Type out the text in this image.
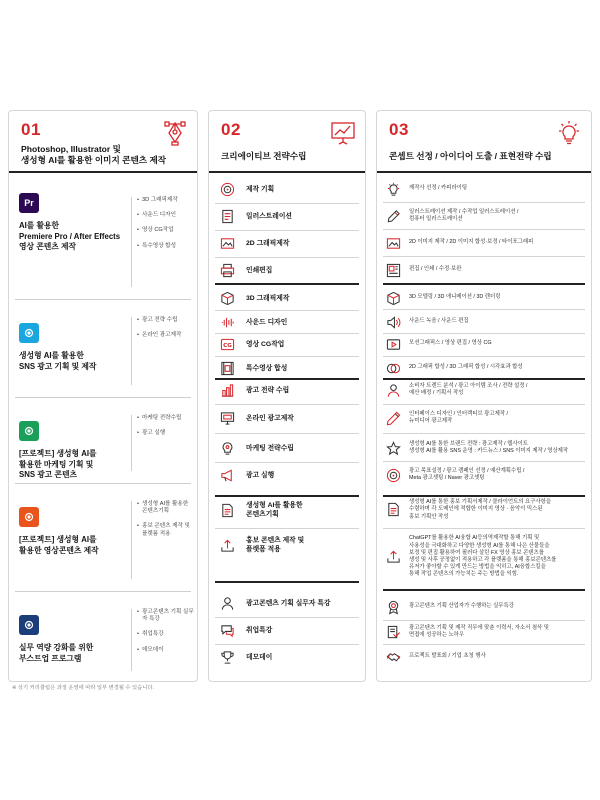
01
Photoshop, Illustrator 및
생성형 AI를 활용한 이미지 콘텐츠 제작
Pr
AI를 활용한
Premiere Pro / After Effects
영상 콘텐츠 제작
• 3D 그래픽제작
• 사운드 디자인
• 영상 CG작업
• 특수영상 합성
생성형 AI를 활용한
SNS 광고 기획 및 제작
• 광고 전략 수립
• 온라인 광고제작
[프로젝트] 생성형 AI를
활용한 마케팅 기획 및
SNS 광고 콘텐츠
• 마케팅 전략수립
• 광고 실행
[프로젝트] 생성형 AI를
활용한 영상콘텐츠 제작
• 생성형 AI를 활용한 콘텐츠기획
• 홍보 콘텐츠 제작 및 플랫폼 적용
실무 역량 강화를 위한
부스트업 프로그램
• 광고콘텐츠 기획 실무자 특강
• 취업특강
• 데모데이
02
크리에이티브 전략수립
제작 기획
일러스트레이션
2D 그래픽제작
인쇄편집
3D 그래픽제작
사운드 디자인
CG 영상 CG작업
특수영상 합성
광고 전략 수립
온라인 광고제작
마케팅 전략수립
광고 실행
생성형 AI를 활용한
콘텐츠기획
홍보 콘텐츠 제작 및
플랫폼 적용
광고콘텐츠 기획 실무자 특강
취업특강
데모데이
03
콘셉트 선정 / 아이디어 도출 / 표현전략 수립
제작사 선정 / 카피라이팅
일러스트레이션 제작 / 수작업 일러스트레이션 /
컴퓨터 일러스트레이션
2D 이미지 제작 / 2D 이미지 합성·보정 / 타이포그래피
편집 / 인쇄 / 수정·보완
3D 모델링 / 3D 애니메이션 / 3D 렌더링
사운드 녹음 / 사운드 편집
모션그래픽스 / 영상 편집 / 영상 CG
2D 그래픽 합성 / 3D 그래픽 합성 / 시각효과 합성
소비자 트렌드 분석 / 광고 아이템 조사 / 전략 설정 /
예산 배정 / 기획서 작성
인터페이스 디자인 / 인터랙티브 광고제작 /
뉴미디어 광고제작
생성형 AI를 통한 브랜드 전략 : 광고제작 / 웹사이트
생성형 AI를 활용 SNS 운영 : 카드뉴스 / SNS 이미지 제작 / 영상제작
광고 목표설정 / 광고 캠페인 선정 / 예산계획수립 /
Meta 광고셋팅 / Naver 광고셋팅
생성형 AI를 통한 홍보 기획서제작 / 클라이언트의 요구사항을
수렴하며 각 도메인에 적합한 이미지 영상 · 음악이 믹스된
홍보 기획안 작성
ChatGPT를 활용한 AI융합 AI등의역제작할 통해 기획 및
사용성을 극대화하고 다양한 생성형 AI를 통해 나은 산물들을
보정 및 편집 활용하여 필러다 살린 FX 영상 홍보 콘텐츠를
생성 및 사후 공정없이 적용하고 각 플랫폼을 통해 홍보콘텐츠를
유저가 좋아할 수 있게 만드는 방법을 익히고, AI융합스킬을
통해 작업 콘텐츠의 가능치는 주는 방법을 익힘.
광고콘텐츠 기획 산업자가 수행하는 실무특강
광고콘텐츠 기획 및 제작 직무에 맞춘 이력서, 자소서 첨삭 및
면접에 성공하는 노하우
프로젝트 발표회 / 기업 초청 행사
※ 상기 커리큘럼은 과정 운영에 따라 일부 변경될 수 있습니다.
